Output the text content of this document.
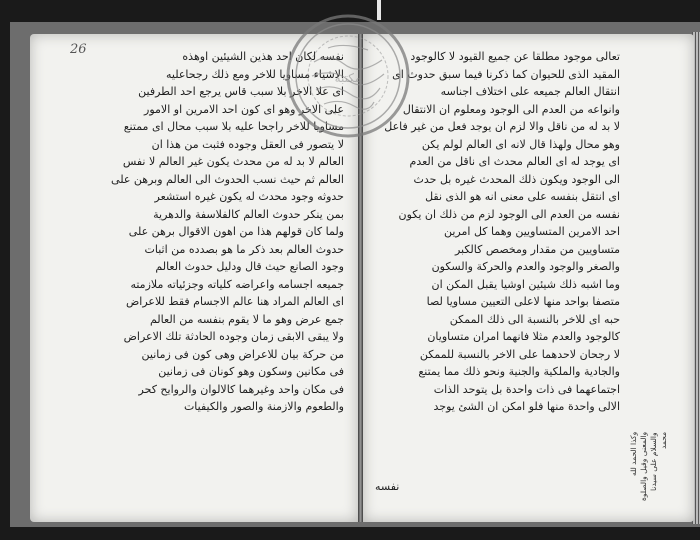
26	نفسه لكان احد هذين الشيئين اوهذه
الاشياء مساويا للاخر ومع ذلك رجحاعليه
اى علا الاخر بلا سبب قاس يرجع احد الطرفين
على الاخر وهو اى كون احد الامرين او الامور
مساويا للاخر راجحا عليه بلا سبب محال اى ممتنع
لا يتصور فى العقل وجوده فثبت من هذا ان
العالم لا بد له من محدث يكون غير العالم لا نفس
العالم ثم حيث نسب الحدوث الى العالم وبرهن على
حدوثه وجود محدث له يكون غيره استشعر
بمن ينكر حدوث العالم كالفلاسفة والدهرية
ولما كان قولهم هذا من اهون الاقوال برهن على
حدوث العالم بعد ذكر ما هو بصدده من اثبات
وجود الصانع حيث قال ودليل حدوث العالم
جميعه اجسامه واعراضه كلياته وجزئياته ملازمته
اى العالم المراد هنا عالم الاجسام فقط للاعراض
جمع عرض وهو ما لا يقوم بنفسه من العالم
ولا يبقى الابقى زمان وجوده الحادثة تلك الاعراض
من حركة بيان للاعراض وهى كون فى زمانين
فى مكانين وسكون وهو كونان فى زمانين
فى مكان واحد وغيرهما كالالوان والروايح كحر
والطعوم والازمنة والصور والكيفيات
تعالى موجود مطلقا عن جميع القيود لا كالوجود
المقيد الذى للحيوان كما ذكرنا فيما سبق حدوث اى
انتقال العالم جميعه على اختلاف اجناسه
وانواعه من العدم الى الوجود ومعلوم ان الانتقال
لا بد له من ناقل والا لزم ان يوجد فعل من غير فاعل
وهو محال ولهذا قال لانه اى العالم لولم يكن
اى يوجد له اى العالم محدث اى ناقل من العدم
الى الوجود ويكون ذلك المحدث غيره بل حدث
اى انتقل بنفسه على معنى انه هو الذى نقل
نفسه من العدم الى الوجود لزم من ذلك ان يكون
احد الامرين المتساويين وهما كل امرين
متساويين من مقدار ومخصص كالكبر
والصغر والوجود والعدم والحركة والسكون
وما اشبه ذلك شيئين اوشيا يقبل المكن ان
متصفا بواحد منها لاعلى التعيين مساويا لصا
حبه اى للاخر بالنسبة الى ذلك الممكن
كالوجود والعدم مثلا فانهما امران متساويان
لا رجحان لاحدهما على الاخر بالنسبة للممكن
والجادية والملكية والجنية ونحو ذلك مما يمتنع
اجتماعهما فى ذات واحدة بل يتوحد الذات
الالى واحدة منها فلو امكن ان الشئ يوجد
وكذا الحمد لله والمعنى وقيل والصلوة والسلام على سيدنا محمد
نفسه
مكتبة
